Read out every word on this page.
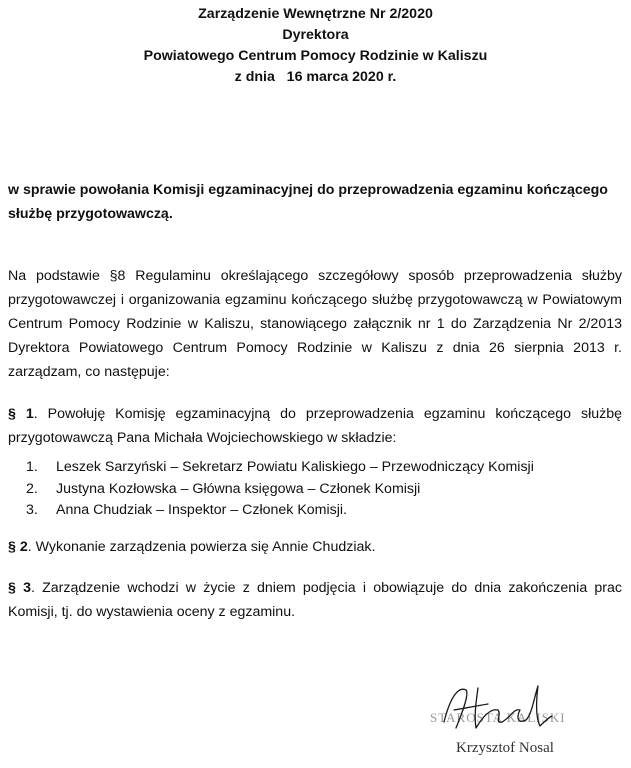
Zarządzenie Wewnętrzne Nr 2/2020
Dyrektora
Powiatowego Centrum Pomocy Rodzinie w Kaliszu
z dnia   16 marca 2020 r.
w sprawie powołania Komisji egzaminacyjnej do przeprowadzenia egzaminu kończącego służbę przygotowawczą.
Na podstawie §8 Regulaminu określającego szczegółowy sposób przeprowadzenia służby przygotowawczej i organizowania egzaminu kończącego służbę przygotowawczą w Powiatowym Centrum Pomocy Rodzinie w Kaliszu, stanowiącego załącznik nr 1 do Zarządzenia Nr 2/2013 Dyrektora Powiatowego Centrum Pomocy Rodzinie w Kaliszu z dnia 26 sierpnia 2013 r. zarządzam, co następuje:
§ 1. Powołuję Komisję egzaminacyjną do przeprowadzenia egzaminu kończącego służbę przygotowawczą Pana Michała Wojciechowskiego w składzie:
1.	Leszek Sarzyński – Sekretarz Powiatu Kaliskiego – Przewodniczący Komisji
2.	Justyna Kozłowska – Główna księgowa – Członek Komisji
3.	Anna Chudziak – Inspektor – Członek Komisji.
§ 2. Wykonanie zarządzenia powierza się Annie Chudziak.
§ 3. Zarządzenie wchodzi w życie z dniem podjęcia i obowiązuje do dnia zakończenia prac Komisji, tj. do wystawienia oceny z egzaminu.
STAROSTA KALISKI
Krzysztof Nosal
